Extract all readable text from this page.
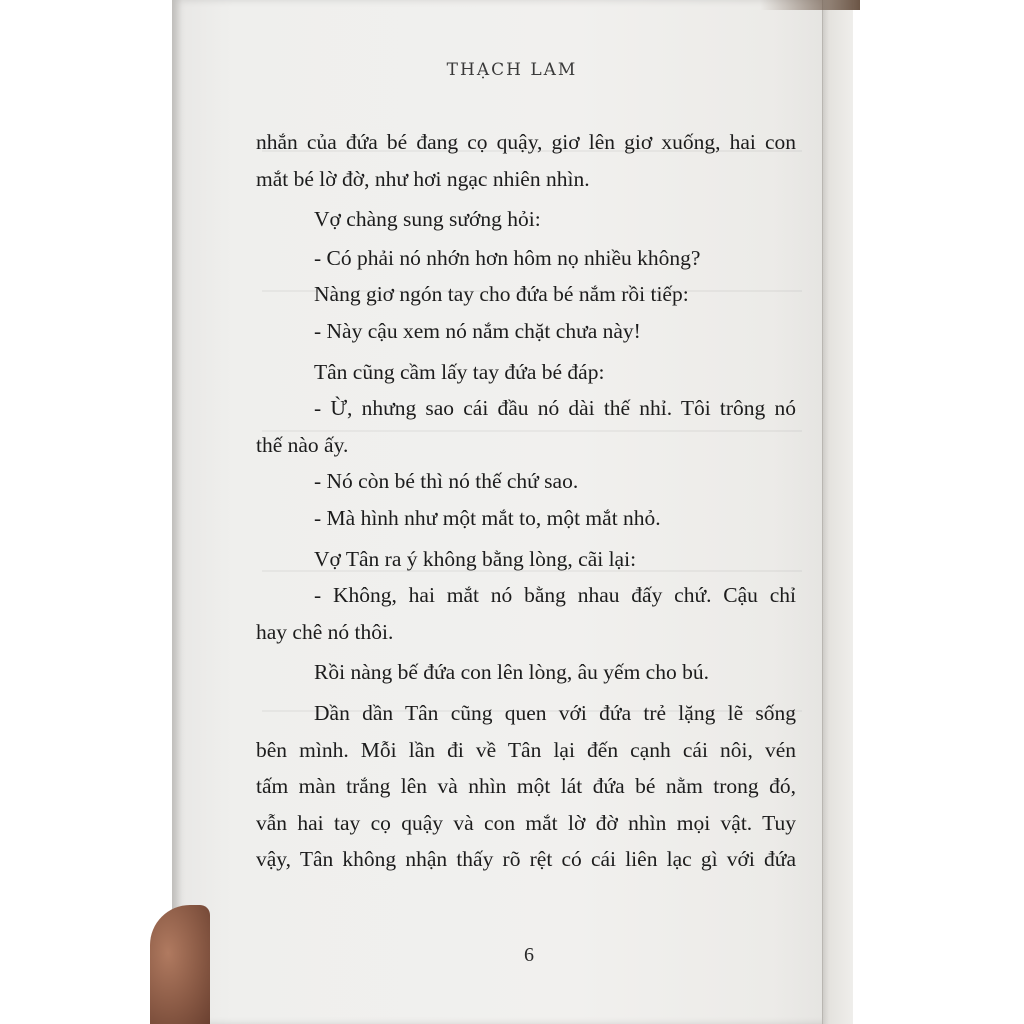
THẠCH LAM
nhắn của đứa bé đang cọ quậy, giơ lên giơ xuống, hai con
mắt bé lờ đờ, như hơi ngạc nhiên nhìn.
Vợ chàng sung sướng hỏi:
- Có phải nó nhớn hơn hôm nọ nhiều không?
Nàng giơ ngón tay cho đứa bé nắm rồi tiếp:
- Này cậu xem nó nắm chặt chưa này!
Tân cũng cầm lấy tay đứa bé đáp:
- Ừ, nhưng sao cái đầu nó dài thế nhỉ. Tôi trông nó
thế nào ấy.
- Nó còn bé thì nó thế chứ sao.
- Mà hình như một mắt to, một mắt nhỏ.
Vợ Tân ra ý không bằng lòng, cãi lại:
- Không, hai mắt nó bằng nhau đấy chứ. Cậu chỉ
hay chê nó thôi.
Rồi nàng bế đứa con lên lòng, âu yếm cho bú.
Dần dần Tân cũng quen với đứa trẻ lặng lẽ sống
bên mình. Mỗi lần đi về Tân lại đến cạnh cái nôi, vén
tấm màn trắng lên và nhìn một lát đứa bé nằm trong đó,
vẫn hai tay cọ quậy và con mắt lờ đờ nhìn mọi vật. Tuy
vậy, Tân không nhận thấy rõ rệt có cái liên lạc gì với đứa
6
